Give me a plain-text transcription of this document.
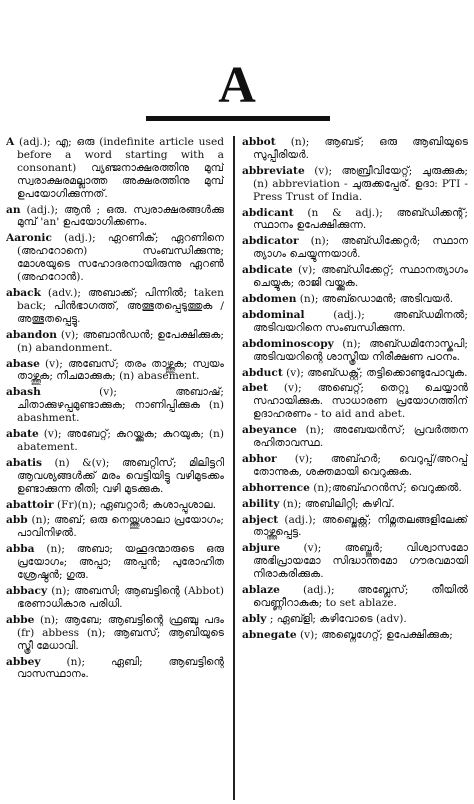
A

A (adj.); എ; ഒരു (indefinite article used before a word starting with a consonant) വ്യഞ്ജനാക്ഷരത്തിനു മുമ്പ് സ്വരാക്ഷരമല്ലാത്ത അക്ഷരത്തിനു മുമ്പ് ഉപയോഗിക്കുന്നത്.

an (adj.); ആൻ ; ഒരു. സ്വരാക്ഷരങ്ങൾക്കു മുമ്പ് 'an' ഉപയോഗിക്കണം.

Aaronic (adj.); ഏറണിക്; ഏറണിനെ (അഹറോനെ) സംബന്ധിക്കുന്നു; മോശയുടെ സഹോദരനായിരുന്നു ഏറൺ (അഹറോൻ).

aback (adv.); അബാക്ക്; പിന്നിൽ; taken back; പിൻഭാഗത്ത്, അത്ഭുതപ്പെടുത്തുക / അത്ഭുതപ്പെട്ടു.

abandon (v); അബാൻഡൻ; ഉപേക്ഷിക്കുക; (n) abandonment.

abase (v); അബേസ്; തരം താഴ്ത്തുക; സ്വയം താഴ്ത്തുക; നീചമാക്കുക; (n) abasement.

abash	(v); അബാഷ്; ചിതാക്കുഴപ്പമുണ്ടാക്കുക; നാണിപ്പിക്കുക (n) abashment.

abate (v); അബേറ്റ്; കുറയ്ക്കുക; കുറയുക; (n) abatement.

abatis (n) &(v); അബറ്റിസ്; മിലിട്ടറി ആവശ്യങ്ങൾക്ക് മരം വെട്ടിയിട്ടു വഴിമുടക്കം ഉണ്ടാക്കുന്ന രീതി; വഴി മുടക്കുക.

abattoir (Fr)(n); ഏബറ്റാർ; കശാപ്പുശാല.

abb (n); അബ്; ഒരു നെയ്ത്തുശാലാ പ്രയോഗം; പാവിനിഴൽ.

abba (n); അബാ; യഹൂദന്മാരുടെ ഒരു പ്രയോഗം; അപ്പാ; അപ്പൻ; പുരോഹിത ശ്രേഷ്ഠൻ; ഗുരു.

abbacy (n); അബസി; ആബട്ടിന്റെ (Abbot) ഭരണാധികാര പരിധി.

abbe (n); ആബേ; ആബട്ടിന്റെ ഫ്രഞ്ചു പദം (fr) abbess (n); ആബസ്; ആബിയുടെ സ്ത്രീ മേധാവി.

abbey (n); ഏബി; ആബട്ടിന്റെ വാസസ്ഥാനം.

abbot (n); ആബട്; ഒരു ആബിയുടെ സുപ്പീരിയർ.

abbreviate (v); അബ്രീവിയേറ്റ്; ചുരുക്കുക; (n) abbreviation - ചുരുക്കപ്പേര്. ഉദാ: PTI - Press Trust of India.

abdicant (n & adj.); അബ്ഡിക്കന്റ്; സ്ഥാനം ഉപേക്ഷിക്കുന്ന.

abdicator (n); അബ്ഡിക്കേറ്റർ; സ്ഥാന ത്യാഗം ചെയ്യുന്നയാൾ.

abdicate (v); അബ്ഡിക്കേറ്റ്; സ്ഥാനത്യാഗം ചെയ്യുക; രാജി വയ്ക്കുക.

abdomen (n); അബ്ഡൊമൻ; അടിവയർ.

abdominal	(adj.); അബ്ഡമിനൽ; അടിവയറിനെ സംബന്ധിക്കുന്ന.

abdominoscopy (n); അബ്ഡമിനോസ്കപി; അടിവയറിന്റെ ശാസ്ത്രീയ നിരീക്ഷണ പഠനം.

abduct (v); അബ്ഡക്റ്റ്; തട്ടിക്കൊണ്ടുപോവുക.

abet (v); അബെറ്റ്; തെറ്റു ചെയ്യാൻ സഹായിക്കുക. സാധാരണ പ്രയോഗത്തിന് ഉദാഹരണം - to aid and abet.

abeyance (n); അബേയൻസ്; പ്രവർത്തന രഹിതാവസ്ഥ.

abhor (v); അബ്ഹർ; വെറുപ്പ്/അറപ്പ് തോന്നുക, ശക്തമായി വെറുക്കുക.

abhorrence (n);അബ്ഹറൻസ്; വെറുക്കൽ.

ability (n); അബിലിറ്റി; കഴിവ്.

abject (adj.); അബ്ജെക്റ്റ്; നിമ്നതലങ്ങളിലേക്ക് താഴ്ത്തപ്പെട്ട.

abjure (v); അബ്ജുർ; വിശ്വാസമോ അഭിപ്രായമോ സിദ്ധാന്തമോ ഗൗരവമായി നിരാകരിക്കുക.

ablaze (adj.); അബ്ലേസ്; തീയിൽ വെണ്ണീറാകുക; to set ablaze.

ably ; ഏബ്ളി; കഴിവോടെ (adv).

abnegate (v); അബ്നെഗേറ്റ്; ഉപേക്ഷിക്കുക;
